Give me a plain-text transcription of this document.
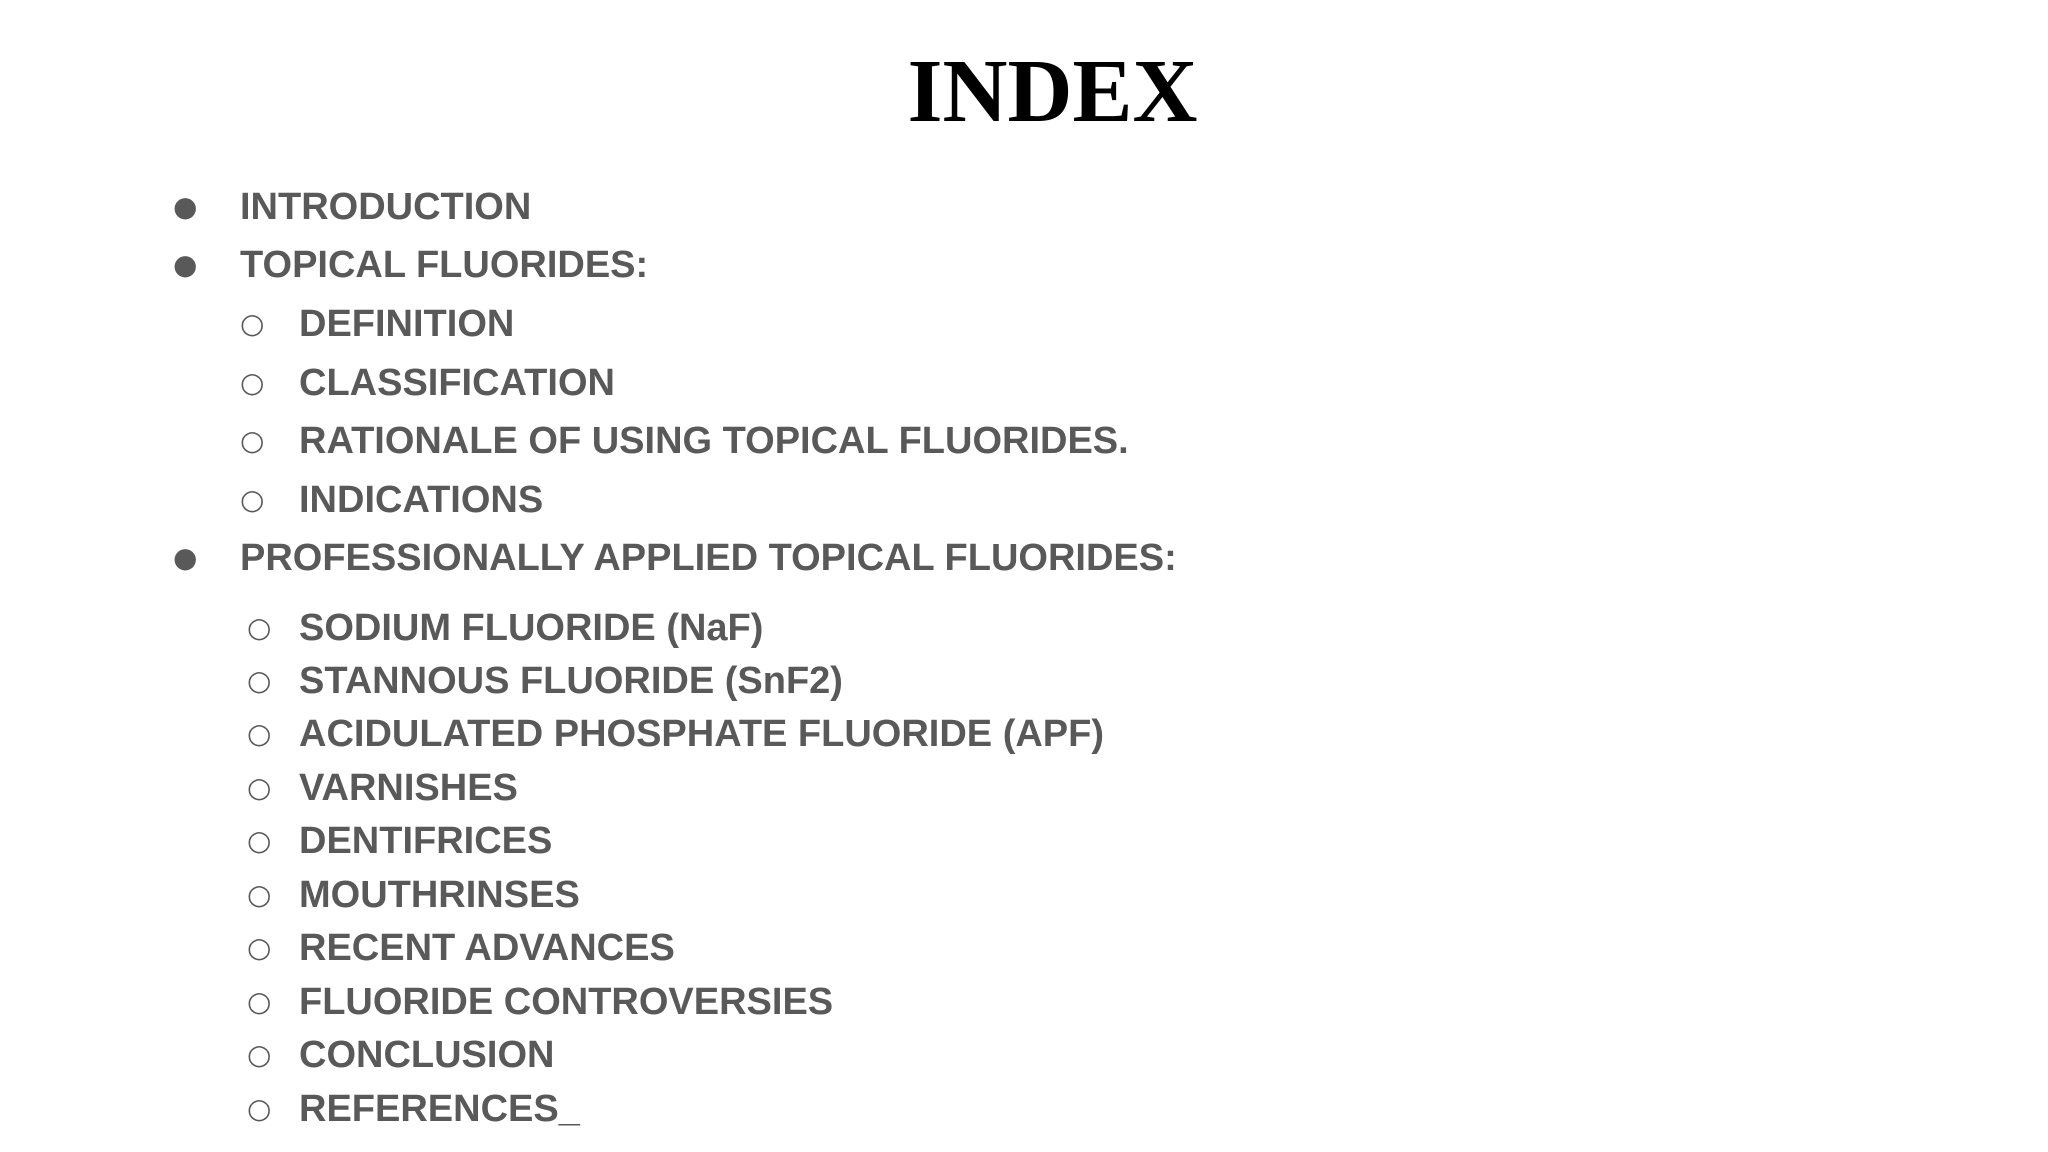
INDEX
● INTRODUCTION
● TOPICAL FLUORIDES:
○ DEFINITION
○ CLASSIFICATION
○ RATIONALE OF USING TOPICAL FLUORIDES.
○ INDICATIONS
● PROFESSIONALLY APPLIED TOPICAL FLUORIDES:
○ SODIUM FLUORIDE (NaF)
○ STANNOUS FLUORIDE (SnF2)
○ ACIDULATED PHOSPHATE FLUORIDE (APF)
○ VARNISHES
○ DENTIFRICES
○ MOUTHRINSES
○ RECENT ADVANCES
○ FLUORIDE CONTROVERSIES
○ CONCLUSION
○ REFERENCES_
